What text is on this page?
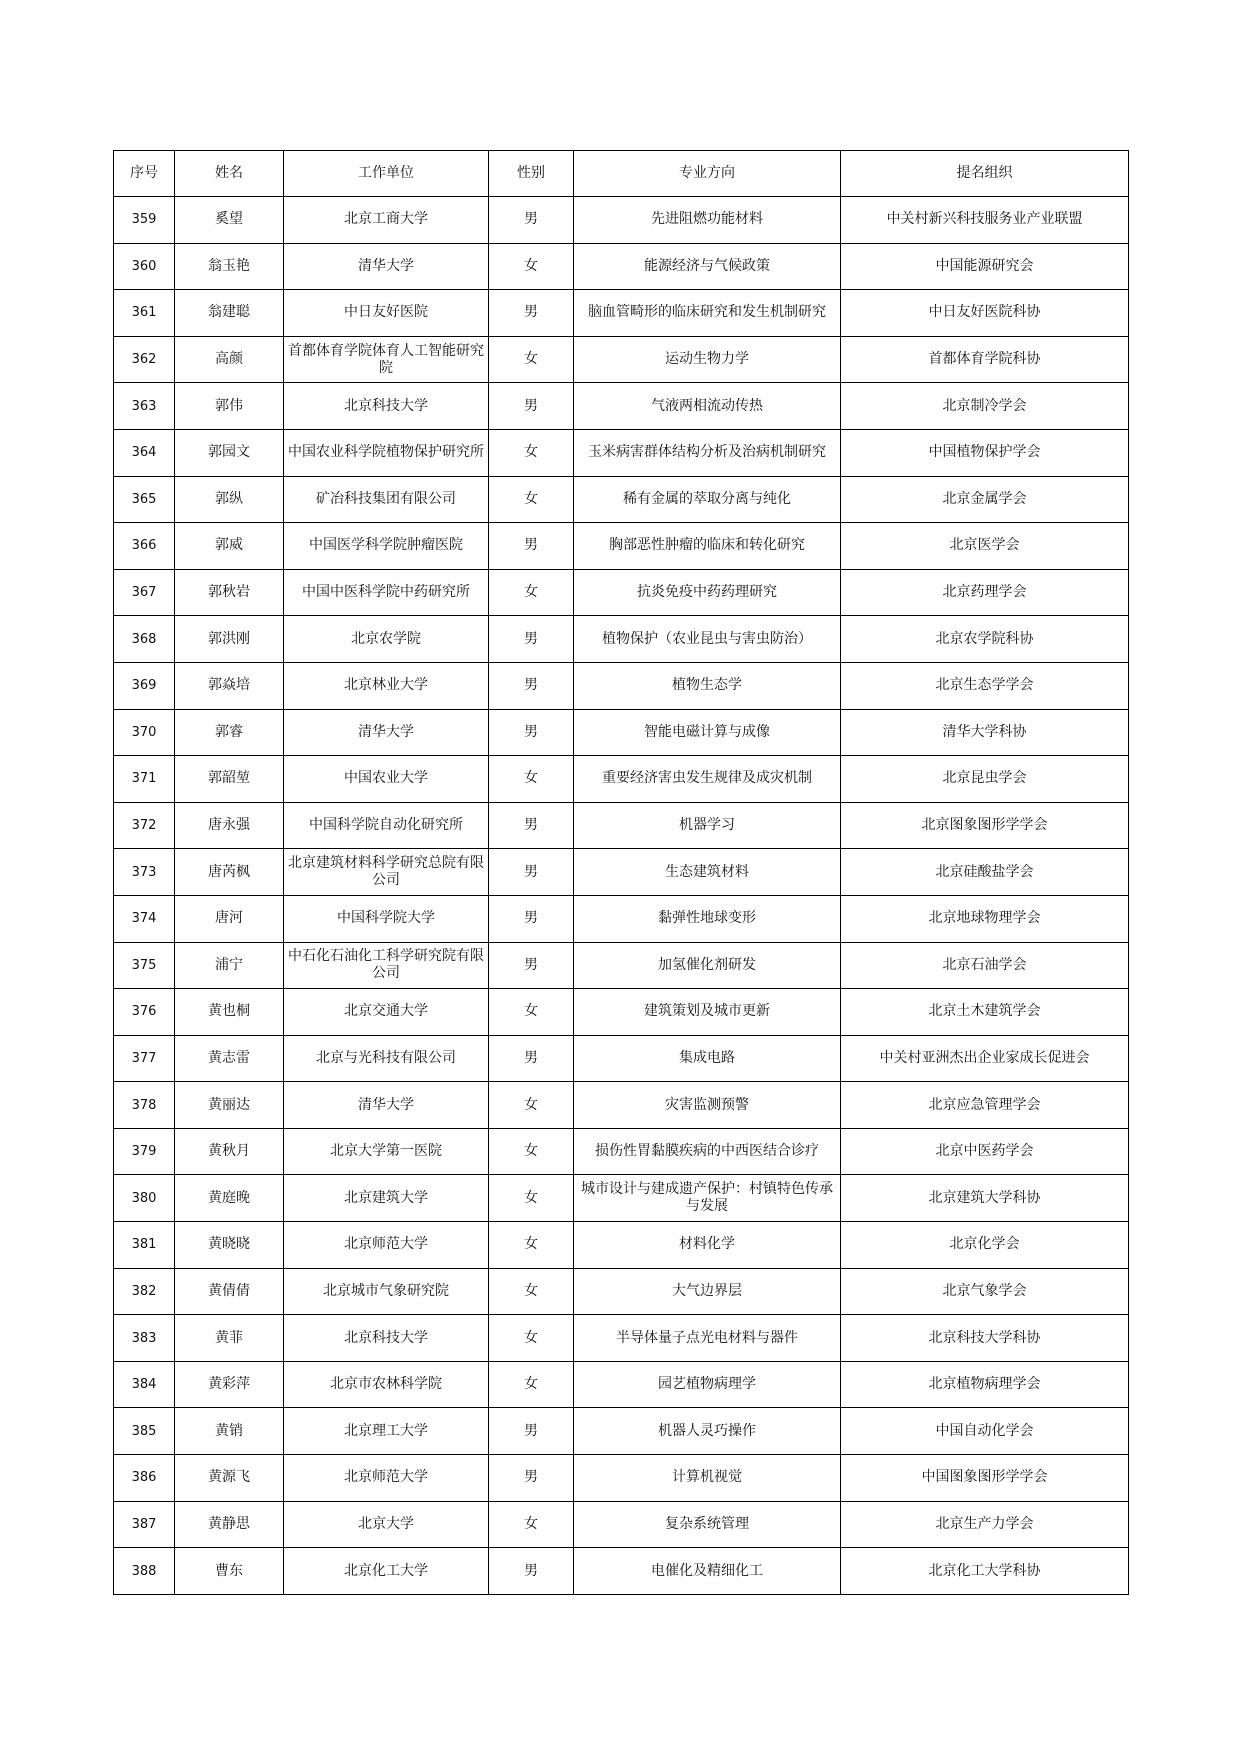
序号	姓名	工作单位	性别	专业方向	提名组织
359	奚望	北京工商大学	男	先进阻燃功能材料	中关村新兴科技服务业产业联盟
360	翁玉艳	清华大学	女	能源经济与气候政策	中国能源研究会
361	翁建聪	中日友好医院	男	脑血管畸形的临床研究和发生机制研究	中日友好医院科协
362	高颜	首都体育学院体育人工智能研究院	女	运动生物力学	首都体育学院科协
363	郭伟	北京科技大学	男	气液两相流动传热	北京制冷学会
364	郭园文	中国农业科学院植物保护研究所	女	玉米病害群体结构分析及治病机制研究	中国植物保护学会
365	郭纵	矿冶科技集团有限公司	女	稀有金属的萃取分离与纯化	北京金属学会
366	郭威	中国医学科学院肿瘤医院	男	胸部恶性肿瘤的临床和转化研究	北京医学会
367	郭秋岩	中国中医科学院中药研究所	女	抗炎免疫中药药理研究	北京药理学会
368	郭洪刚	北京农学院	男	植物保护（农业昆虫与害虫防治）	北京农学院科协
369	郭焱培	北京林业大学	男	植物生态学	北京生态学学会
370	郭睿	清华大学	男	智能电磁计算与成像	清华大学科协
371	郭韶堃	中国农业大学	女	重要经济害虫发生规律及成灾机制	北京昆虫学会
372	唐永强	中国科学院自动化研究所	男	机器学习	北京图象图形学学会
373	唐芮枫	北京建筑材料科学研究总院有限公司	男	生态建筑材料	北京硅酸盐学会
374	唐河	中国科学院大学	男	黏弹性地球变形	北京地球物理学会
375	浦宁	中石化石油化工科学研究院有限公司	男	加氢催化剂研发	北京石油学会
376	黄也桐	北京交通大学	女	建筑策划及城市更新	北京土木建筑学会
377	黄志雷	北京与光科技有限公司	男	集成电路	中关村亚洲杰出企业家成长促进会
378	黄丽达	清华大学	女	灾害监测预警	北京应急管理学会
379	黄秋月	北京大学第一医院	女	损伤性胃黏膜疾病的中西医结合诊疗	北京中医药学会
380	黄庭晚	北京建筑大学	女	城市设计与建成遗产保护：村镇特色传承与发展	北京建筑大学科协
381	黄晓晓	北京师范大学	女	材料化学	北京化学会
382	黄倩倩	北京城市气象研究院	女	大气边界层	北京气象学会
383	黄菲	北京科技大学	女	半导体量子点光电材料与器件	北京科技大学科协
384	黄彩萍	北京市农林科学院	女	园艺植物病理学	北京植物病理学会
385	黄销	北京理工大学	男	机器人灵巧操作	中国自动化学会
386	黄源飞	北京师范大学	男	计算机视觉	中国图象图形学学会
387	黄静思	北京大学	女	复杂系统管理	北京生产力学会
388	曹东	北京化工大学	男	电催化及精细化工	北京化工大学科协
